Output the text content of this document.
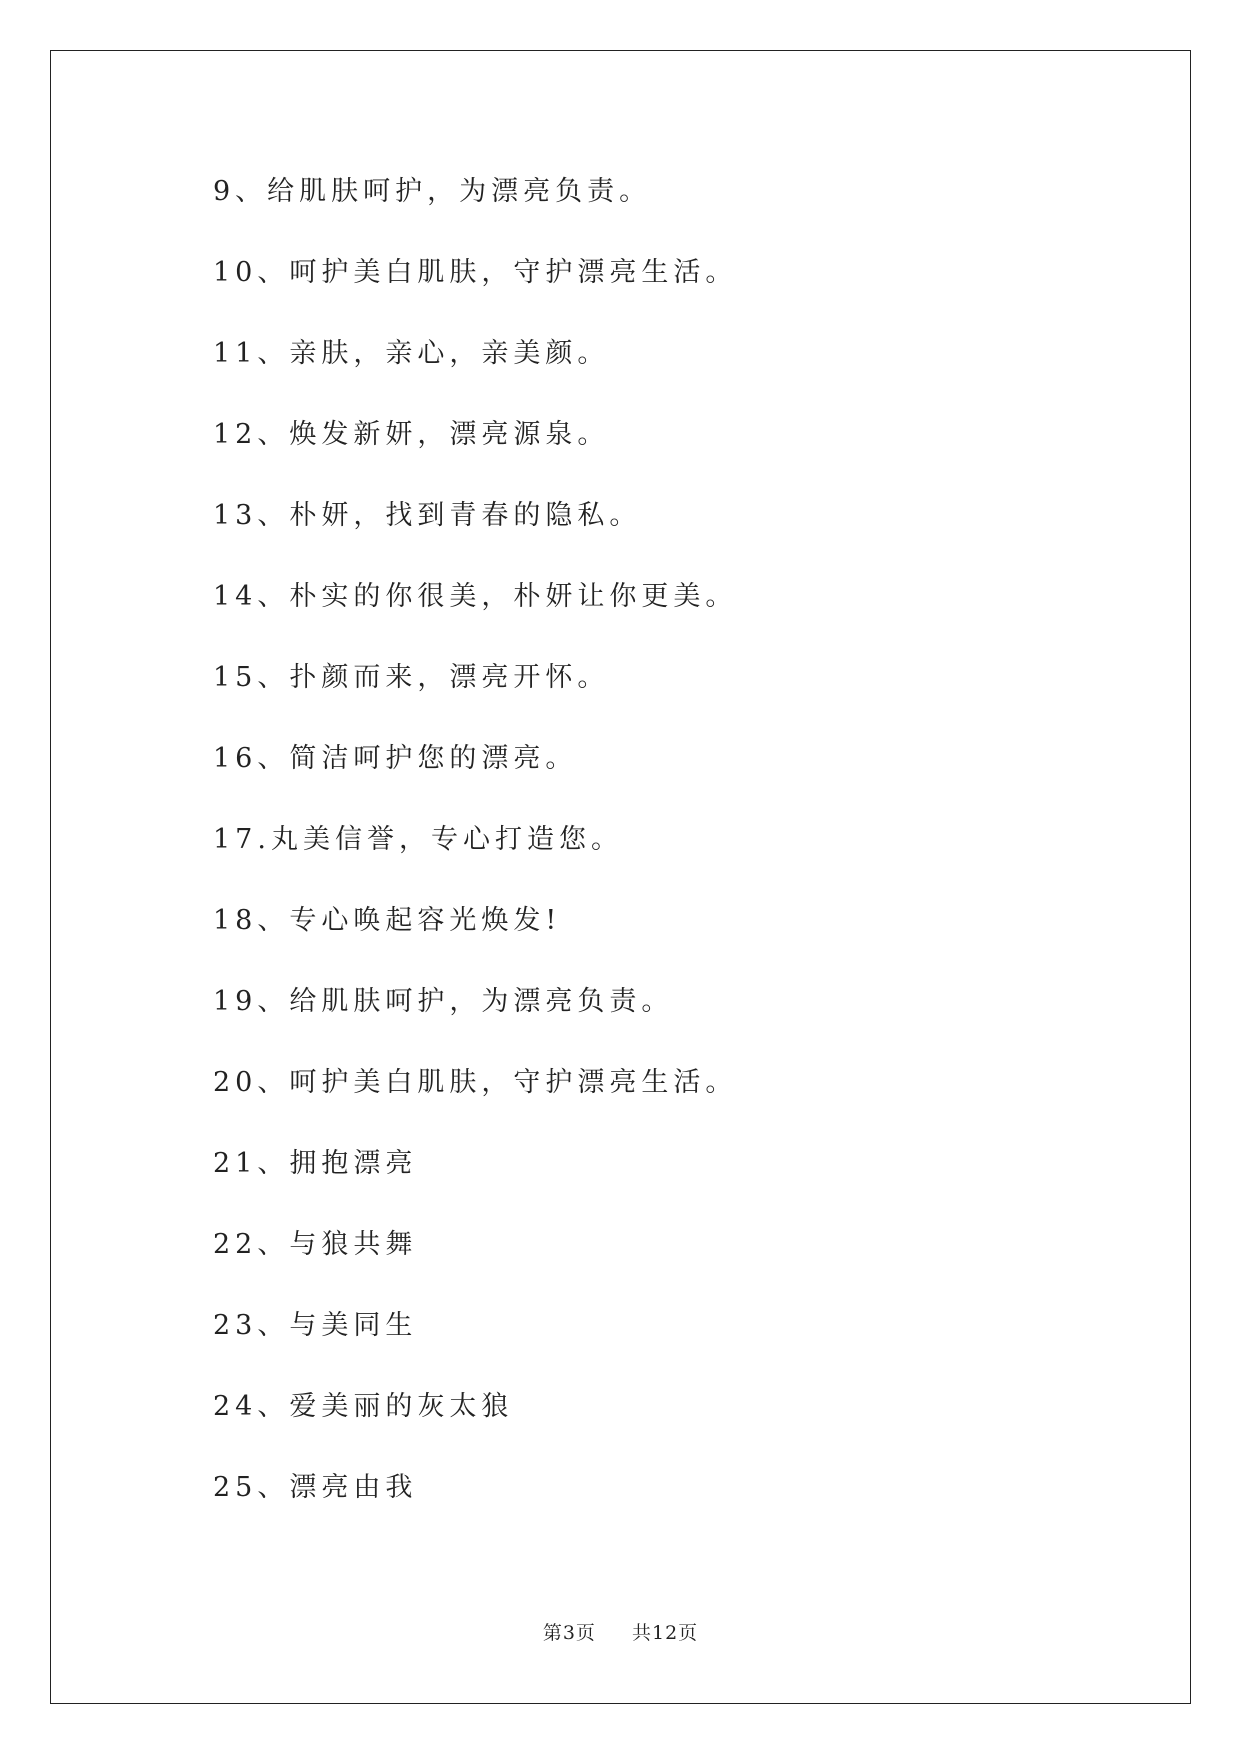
9、给肌肤呵护，为漂亮负责。
10、呵护美白肌肤，守护漂亮生活。
11、亲肤，亲心，亲美颜。
12、焕发新妍，漂亮源泉。
13、朴妍，找到青春的隐私。
14、朴实的你很美，朴妍让你更美。
15、扑颜而来，漂亮开怀。
16、简洁呵护您的漂亮。
17.丸美信誉，专心打造您。
18、专心唤起容光焕发!
19、给肌肤呵护，为漂亮负责。
20、呵护美白肌肤，守护漂亮生活。
21、拥抱漂亮
22、与狼共舞
23、与美同生
24、爱美丽的灰太狼
25、漂亮由我
第3页 共12页
